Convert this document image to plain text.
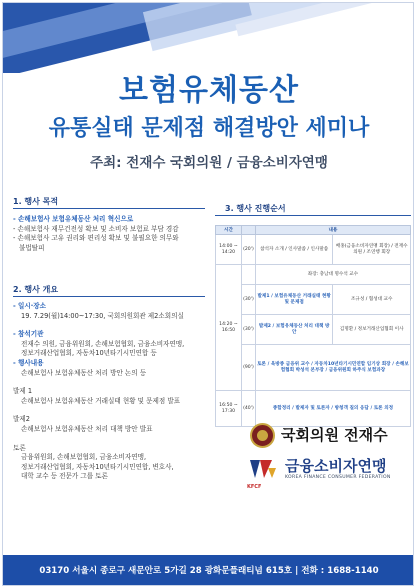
보험유체동산
유통실태 문제점 해결방안 세미나
주최: 전재수 국회의원 / 금융소비자연맹
1. 행사 목적
- 손해보험사 보험유체동산 처리 혁신으로
- 손해보험사 재무건전성 확보 및 소비자 보험료 부담 경감
- 손해보험사 고유 권리와 편리성 확보 및 불필요한 의무와
불법탈피
2. 행사 개요
- 일시·장소
19. 7.29(월)14:00~17:30, 국회의원회관 제2소회의실
- 참석기관
전재수 의원, 금융위원회, 손해보험협회, 금융소비자연맹,
정보거래산업협회, 자동차10년타기시민연합 등
- 행사내용
손해보험사 보험유체동산 처리 방안 논의 등
발제 1
손해보험사 보험유체동산 거래실태 현황 및 문제점 발표
발제2
손해보험사 보험유체동산 처리 대책 방안 발표
토론
금융위원회, 손해보험협회, 금융소비자연맹,
정보거래산업협회, 자동차10년타기시민연합, 변호사,
대학 교수 등 전문가 그룹 토론
3. 행사 진행순서
시간		내용	
14:00 ~ 14:20	(20')	참석자 소개 / 인사말씀 / 인사말씀	배홍(금융소비자연맹 회장) / 전재수 의원 / 조연행 회장
14:20 ~ 16:50		좌장: 충남대 명수석 교수	
	(30')	발제1 / 보험유체동산 거래실태 현황 및 문제점	조규성 / 협성대 교수
	(30')	발제2 / 보험유체동산 처리 대책 방안	김명환 / 정보거래산업협회 이사
	(90')	토론 / 육방종 금융위 교수 / 자동차10년타기시민연합 임기상 회장 / 손해보험협회 박성석 본부장 / 금융위원회 하주식 보험과장	
16:50 ~ 17:30	(40')	종합정리 / 발제자 및 토론자 / 방청객 질의 응답 / 토론 의정	
국회의원 전재수
KFCF
금융소비자연맹
KOREA FINANCE CONSUMER FEDERATION
03170 서울시 종로구 새문안로 5가길 28 광화문플래티넘 615호 | 전화 : 1688-1140
